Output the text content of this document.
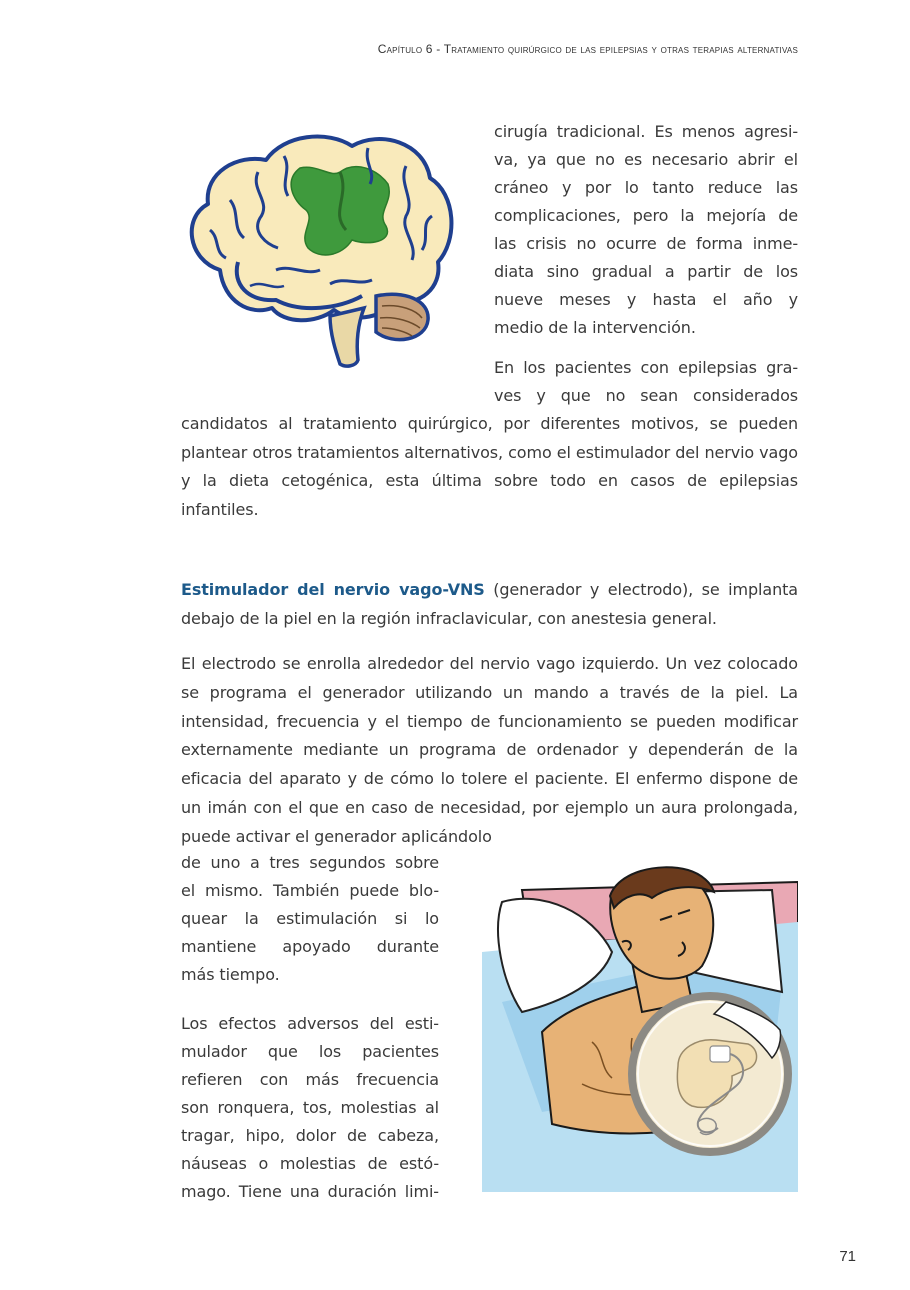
Capítulo 6 - Tratamiento quirúrgico de las epilepsias y otras terapias alternativas

cirugía tradicional. Es menos agresi-

va, ya que no es necesario abrir el

cráneo y por lo tanto reduce las

complicaciones, pero la mejoría de

las crisis no ocurre de forma inme-

diata sino gradual a partir de los

nueve meses y hasta el año y

medio de la intervención.

En los pacientes con epilepsias gra-

ves y que no sean considerados

candidatos al tratamiento quirúrgico, por diferentes motivos, se pueden plantear otros tratamientos alternativos, como el estimulador del nervio vago y la dieta cetogénica, esta última sobre todo en casos de epilepsias infantiles.

Estimulador del nervio vago-VNS (generador y electrodo), se implanta debajo de la piel en la región infraclavicular, con anestesia general.

El electrodo se enrolla alrededor del nervio vago izquierdo. Un vez colocado se programa el generador utilizando un mando a través de la piel. La intensidad, frecuencia y el tiempo de funcionamiento se pueden modificar externamente mediante un programa de ordenador y dependerán de la eficacia del aparato y de cómo lo tolere el paciente. El enfermo dispone de un imán con el que en caso de necesidad, por ejemplo un aura prolongada, puede activar el generador aplicándolo

de uno a tres segundos sobre

el mismo. También puede blo-

quear la estimulación si lo

mantiene apoyado durante

más tiempo.

Los efectos adversos del esti-

mulador que los pacientes

refieren con más frecuencia

son ronquera, tos, molestias al

tragar, hipo, dolor de cabeza,

náuseas o molestias de estó-

mago. Tiene una duración limi-

71
